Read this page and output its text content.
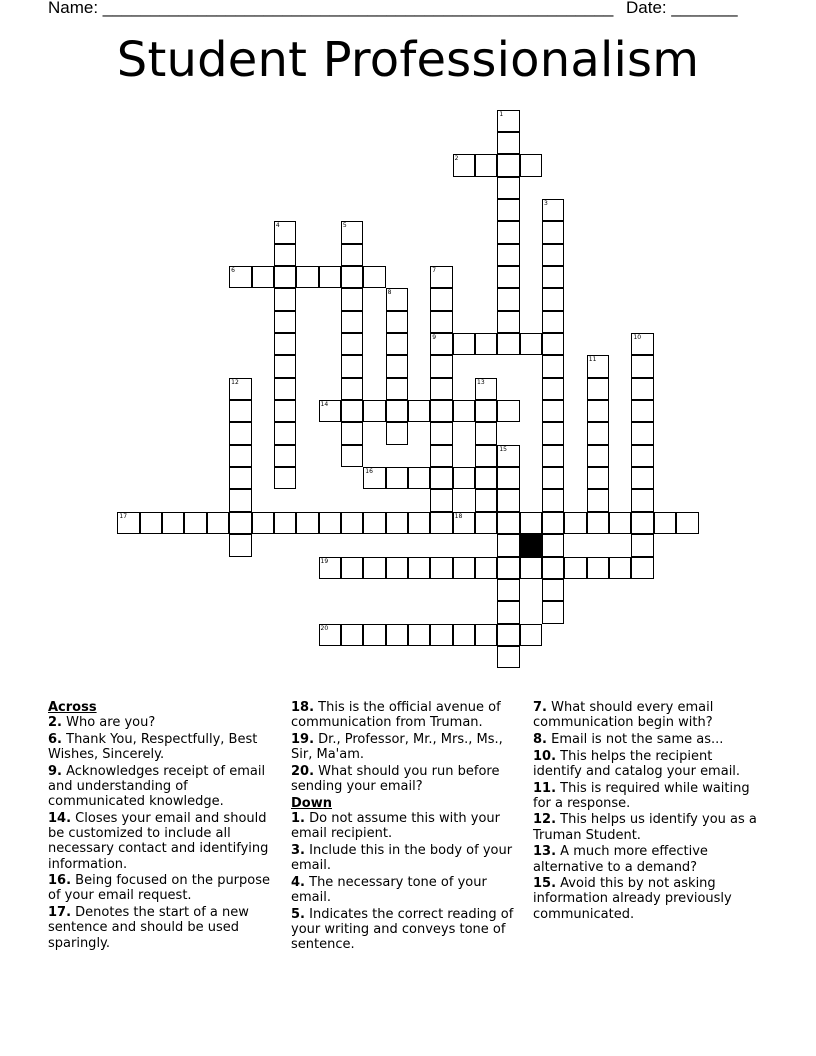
Name: ______________________________________________________ Date: _______
Student Professionalism
1
2
3
4	5
6	7
9
8
10
11
12	13
14
15
16
17	18
19
20

Across

2. Who are you?

6. Thank You, Respectfully, Best Wishes, Sincerely.

9. Acknowledges receipt of email and understanding of communicated knowledge.

14. Closes your email and should be customized to include all necessary contact and identifying information.

16. Being focused on the purpose of your email request.

17. Denotes the start of a new sentence and should be used sparingly.

18. This is the official avenue of communication from Truman.

19. Dr., Professor, Mr., Mrs., Ms., Sir, Ma'am.

20. What should you run before sending your email?

Down

1. Do not assume this with your email recipient.

3. Include this in the body of your email.

4. The necessary tone of your email.

5. Indicates the correct reading of your writing and conveys tone of sentence.

7. What should every email communication begin with?

8. Email is not the same as...

10. This helps the recipient identify and catalog your email.

11. This is required while waiting for a response.

12. This helps us identify you as a Truman Student.

13. A much more effective alternative to a demand?

15. Avoid this by not asking information already previously communicated.
